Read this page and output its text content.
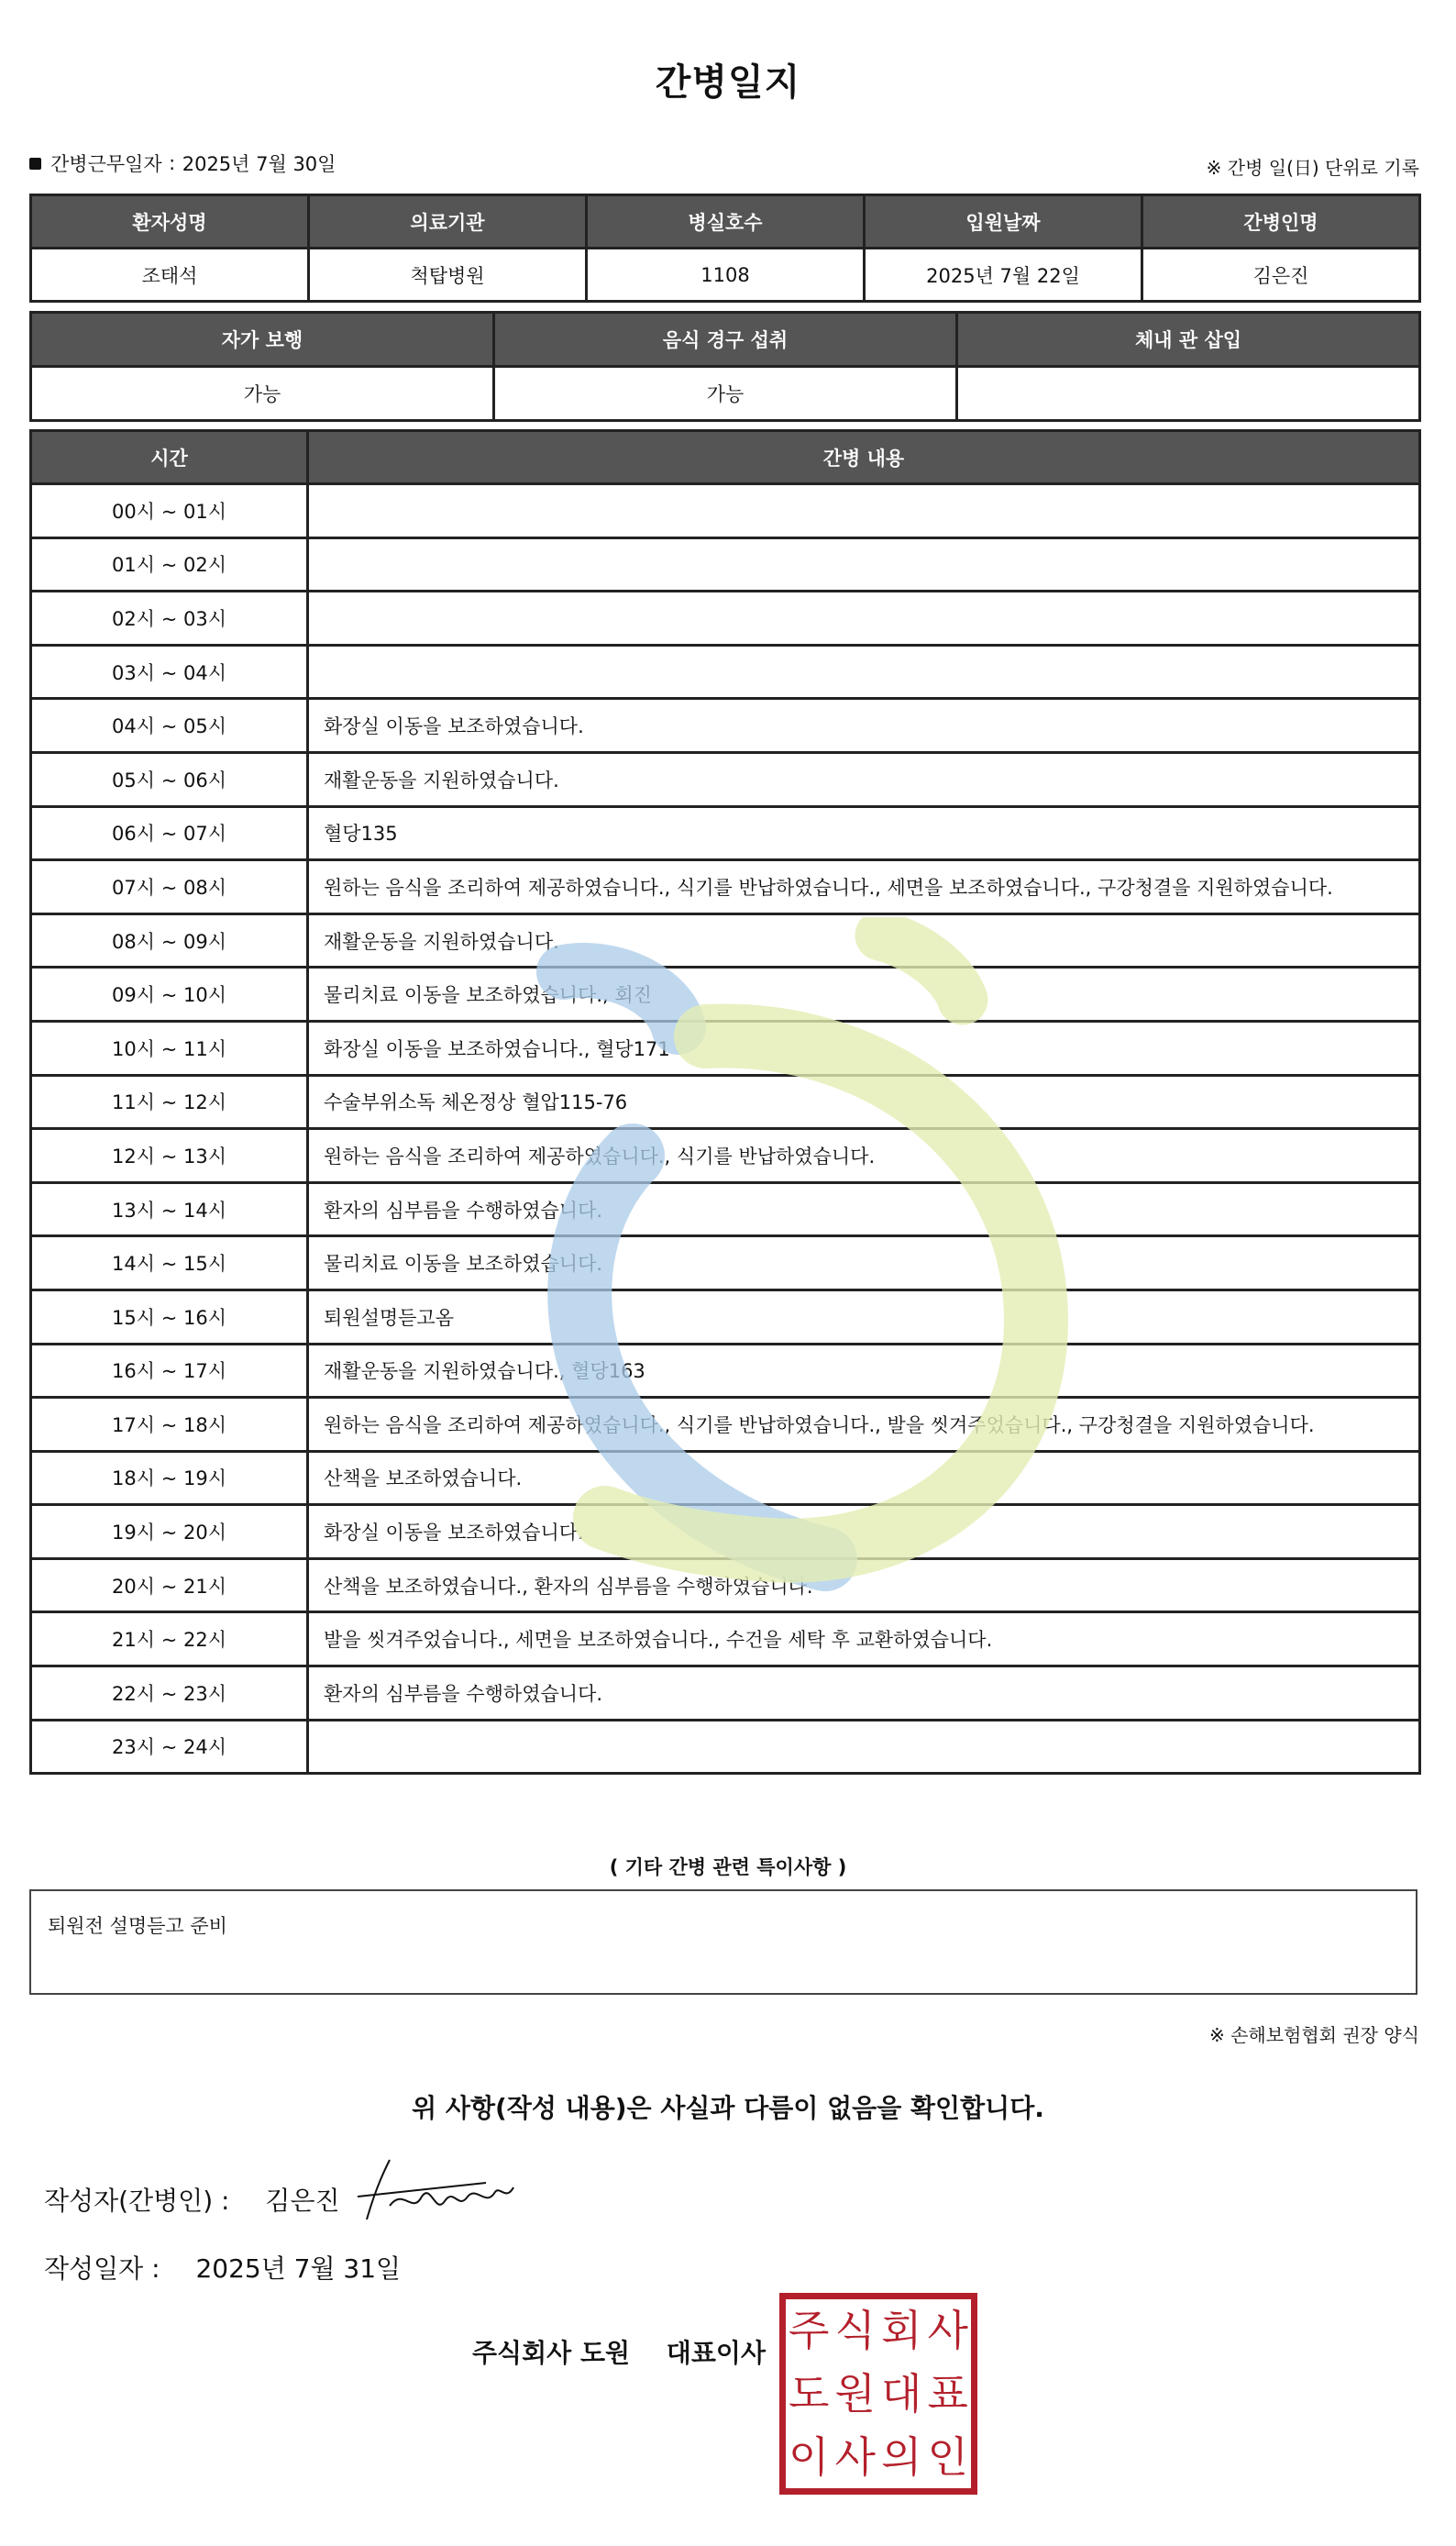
간병일지
간병근무일자 : 2025년 7월 30일	※ 간병 일(日) 단위로 기록
환자성명	의료기관	병실호수	입원날짜	간병인명
조태석	척탑병원	1108	2025년 7월 22일	김은진
자가 보행	음식 경구 섭취	체내 관 삽입
가능	가능	
시간	간병 내용
00시 ~ 01시	
01시 ~ 02시	
02시 ~ 03시	
03시 ~ 04시	
04시 ~ 05시	화장실 이동을 보조하였습니다.
05시 ~ 06시	재활운동을 지원하였습니다.
06시 ~ 07시	혈당135
07시 ~ 08시	원하는 음식을 조리하여 제공하였습니다., 식기를 반납하였습니다., 세면을 보조하였습니다., 구강청결을 지원하였습니다.
08시 ~ 09시	재활운동을 지원하였습니다.
09시 ~ 10시	물리치료 이동을 보조하였습니다., 회진
10시 ~ 11시	화장실 이동을 보조하였습니다., 혈당171
11시 ~ 12시	수술부위소독 체온정상 혈압115-76
12시 ~ 13시	원하는 음식을 조리하여 제공하였습니다., 식기를 반납하였습니다.
13시 ~ 14시	환자의 심부름을 수행하였습니다.
14시 ~ 15시	물리치료 이동을 보조하였습니다.
15시 ~ 16시	퇴원설명듣고옴
16시 ~ 17시	재활운동을 지원하였습니다., 혈당163
17시 ~ 18시	원하는 음식을 조리하여 제공하였습니다., 식기를 반납하였습니다., 발을 씻겨주었습니다., 구강청결을 지원하였습니다.
18시 ~ 19시	산책을 보조하였습니다.
19시 ~ 20시	화장실 이동을 보조하였습니다.
20시 ~ 21시	산책을 보조하였습니다., 환자의 심부름을 수행하였습니다.
21시 ~ 22시	발을 씻겨주었습니다., 세면을 보조하였습니다., 수건을 세탁 후 교환하였습니다.
22시 ~ 23시	환자의 심부름을 수행하였습니다.
23시 ~ 24시	
( 기타 간병 관련 특이사항 )
퇴원전 설명듣고 준비
※ 손해보험협회 권장 양식
위 사항(작성 내용)은 사실과 다름이 없음을 확인합니다.
작성자(간병인) : 김은진
작성일자 : 2025년 7월 31일
주식회사 도원 대표이사 주 식 회 사
도 원 대 표
이 사 의 인
